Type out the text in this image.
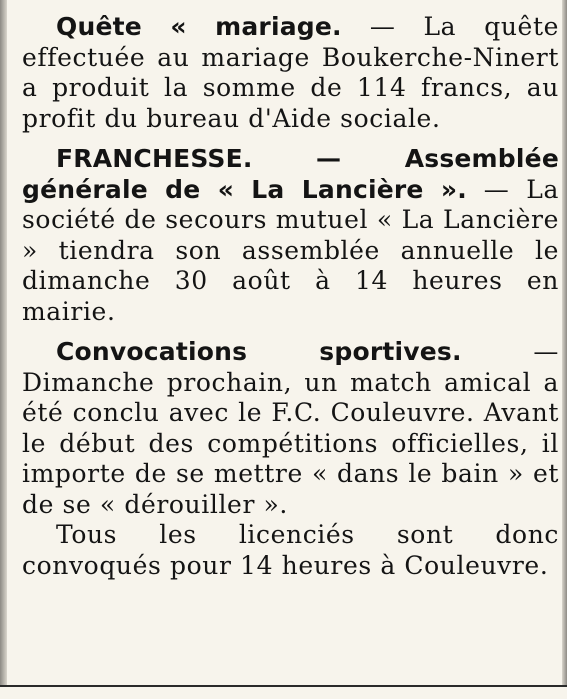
Quête « mariage. — La quête effectuée au mariage Boukerche-Ninert a produit la somme de 114 francs, au profit du bureau d'Aide sociale.

FRANCHESSE. — Assemblée générale de « La Lancière ». — La société de secours mutuel « La Lancière » tiendra son assemblée annuelle le dimanche 30 août à 14 heures en mairie.

Convocations sportives. — Dimanche prochain, un match amical a été conclu avec le F.C. Couleuvre. Avant le début des compétitions officielles, il importe de se mettre « dans le bain » et de se « dérouiller ».

Tous les licenciés sont donc convoqués pour 14 heures à Couleuvre.
